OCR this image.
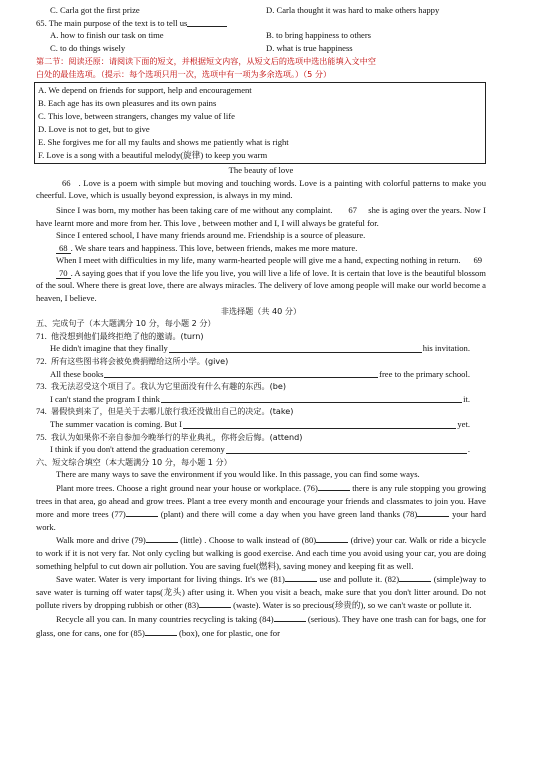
C. Carla got the first prize	D. Carla thought it was hard to make others happy
65. The main purpose of the text is to tell us
A. how to finish our task on time	B. to bring happiness to others
C. to do things wisely	D. what is true happiness
第二节：阅读还原：请阅读下面的短文，并根据短文内容，从短文后的选项中选出能填入文中空
白处的最佳选项。（提示：每个选项只用一次，选项中有一项为多余选项。）（5 分）
A. We depend on friends for support, help and encouragement
B. Each age has its own pleasures and its own pains
C. This love, between strangers, changes my value of life
D. Love is not to get, but to give
E. She forgives me for all my faults and shows me patiently what is right
F. Love is a song with a beautiful melody(旋律) to keep you warm
The beauty of love

66 . Love is a poem with simple but moving and touching words. Love is a painting with colorful patterns to make you cheerful. Love, which is usually beyond expression, is always in my mind.

Since I was born, my mother has been taking care of me without any complaint. 67 she is aging over the years. Now I have learnt more and more from her. This love , between mother and I, I will always be grateful for.

Since I entered school, I have many friends around me. Friendship is a source of pleasure.

68 . We share tears and happiness. This love, between friends, makes me more mature.

When I meet with difficulties in my life, many warm-hearted people will give me a hand, expecting nothing in return. 69

70 . A saying goes that if you love the life you live, you will live a life of love. It is certain that love is the beautiful blossom of the soul. Where there is great love, there are always miracles. The delivery of love among people will make our world become a heaven, I believe.

非选择题（共 40 分）
五、完成句子（本大题满分 10 分，每小题 2 分）
71. 他没想到他们最终拒绝了他的邀请。(turn)
He didn't imagine that they finally	his invitation.
72. 所有这些图书将会被免费捐赠给这所小学。(give)
All these books	free to the primary school.
73. 我无法忍受这个项目了。我认为它里面没有什么有趣的东西。(be)
I can't stand the program I think	it.
74. 暑假快到来了，但是关于去哪儿旅行我还没做出自己的决定。(take)
The summer vacation is coming. But I	yet.
75. 我认为如果你不亲自参加今晚举行的毕业典礼，你将会后悔。(attend)
I think if you don't attend the graduation ceremony	.
六、短文综合填空（本大题满分 10 分，每小题 1 分）

There are many ways to save the environment if you would like. In this passage, you can find some ways.

Plant more trees. Choose a right ground near your house or workplace. (76)	there is any rule stopping you growing trees in that area, go ahead and grow trees. Plant a tree every month and encourage your friends and classmates to join you. Have more and more trees (77)	(plant) and there will come a day when you have green land thanks (78)	your hard work.

Walk more and drive (79)	(little) . Choose to walk instead of (80)	(drive) your car. Walk or ride a bicycle to work if it is not very far. Not only cycling but walking is good exercise. And each time you avoid using your car, you are doing something helpful to cut down air pollution. You are saving fuel(燃料), saving money and keeping fit as well.

Save water. Water is very important for living things. It's we (81)	use and pollute it. (82)	(simple)way to save water is turning off water taps(龙头) after using it. When you visit a beach, make sure that you don't litter around. Do not pollute rivers by dropping rubbish or other (83)	(waste). Water is so precious(珍贵的), so we can't waste or pollute it.

Recycle all you can. In many countries recycling is taking (84)	(serious). They have one trash can for bags, one for glass, one for cans, one for (85)	(box), one for plastic, one for
